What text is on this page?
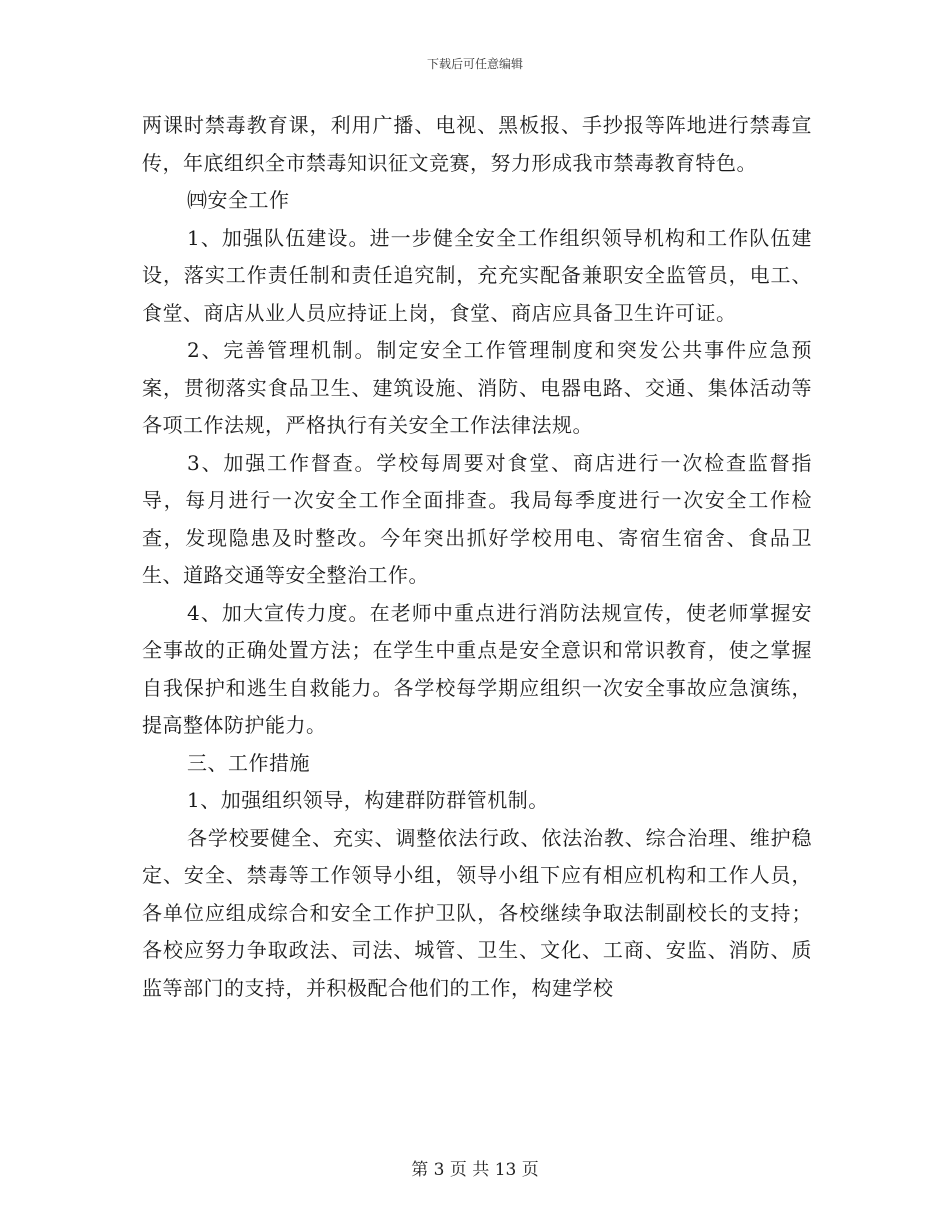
下载后可任意编辑

两课时禁毒教育课，利用广播、电视、黑板报、手抄报等阵地进行禁毒宣传，年底组织全市禁毒知识征文竞赛，努力形成我市禁毒教育特色。

㈣安全工作

1、加强队伍建设。进一步健全安全工作组织领导机构和工作队伍建设，落实工作责任制和责任追究制，充充实配备兼职安全监管员，电工、食堂、商店从业人员应持证上岗，食堂、商店应具备卫生许可证。

2、完善管理机制。制定安全工作管理制度和突发公共事件应急预案，贯彻落实食品卫生、建筑设施、消防、电器电路、交通、集体活动等各项工作法规，严格执行有关安全工作法律法规。

3、加强工作督查。学校每周要对食堂、商店进行一次检查监督指导，每月进行一次安全工作全面排查。我局每季度进行一次安全工作检查，发现隐患及时整改。今年突出抓好学校用电、寄宿生宿舍、食品卫生、道路交通等安全整治工作。

4、加大宣传力度。在老师中重点进行消防法规宣传，使老师掌握安全事故的正确处置方法；在学生中重点是安全意识和常识教育，使之掌握自我保护和逃生自救能力。各学校每学期应组织一次安全事故应急演练，提高整体防护能力。

三、工作措施

1、加强组织领导，构建群防群管机制。

各学校要健全、充实、调整依法行政、依法治教、综合治理、维护稳定、安全、禁毒等工作领导小组，领导小组下应有相应机构和工作人员，各单位应组成综合和安全工作护卫队，各校继续争取法制副校长的支持；各校应努力争取政法、司法、城管、卫生、文化、工商、安监、消防、质监等部门的支持，并积极配合他们的工作，构建学校

第 3 页 共 13 页
